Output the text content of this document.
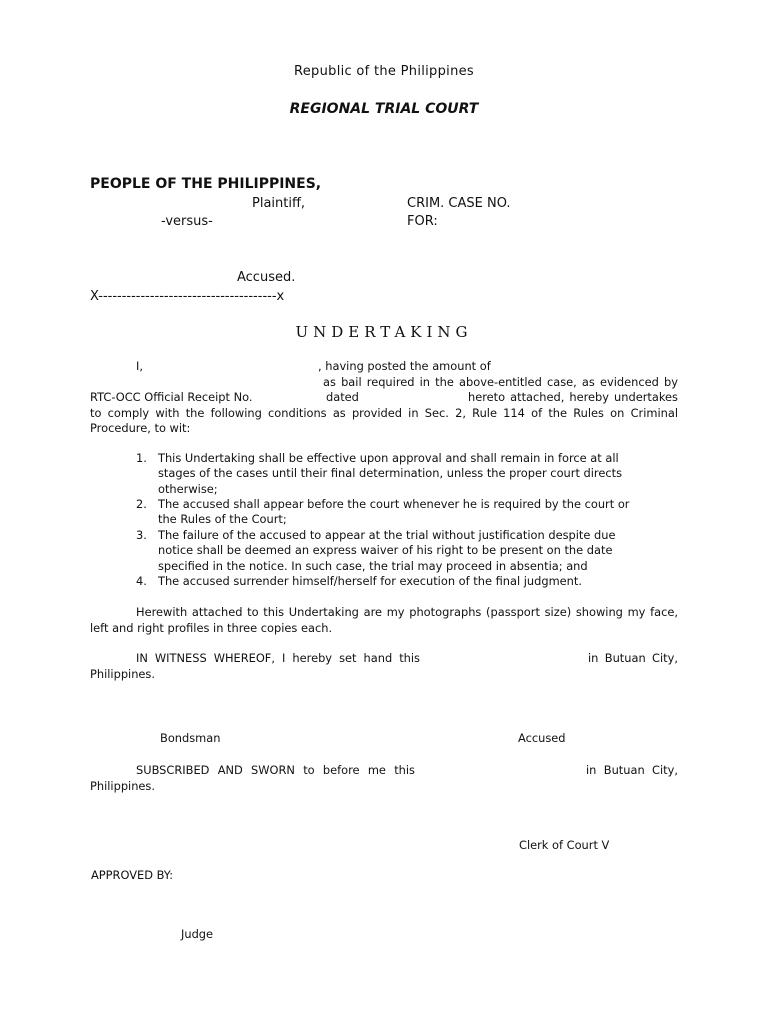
Republic of the Philippines
REGIONAL TRIAL COURT
PEOPLE OF THE PHILIPPINES,
Plaintiff,	CRIM. CASE NO.
-versus-	FOR:
Accused.
X--------------------------------------x
UNDERTAKING
I,	, having posted the amount of
as bail required in the above-entitled case, as evidenced by
RTC-OCC Official Receipt No.	dated	hereto attached, hereby undertakes
to comply with the following conditions as provided in Sec. 2, Rule 114 of the Rules on Criminal
Procedure, to wit:
1. This Undertaking shall be effective upon approval and shall remain in force at all stages of the cases until their final determination, unless the proper court directs otherwise;
2. The accused shall appear before the court whenever he is required by the court or the Rules of the Court;
3. The failure of the accused to appear at the trial without justification despite due notice shall be deemed an express waiver of his right to be present on the date specified in the notice. In such case, the trial may proceed in absentia; and
4. The accused surrender himself/herself for execution of the final judgment.
Herewith attached to this Undertaking are my photographs (passport size) showing my face,
left and right profiles in three copies each.
IN WITNESS WHEREOF, I hereby set hand this	in Butuan City,
Philippines.
Bondsman	Accused
SUBSCRIBED AND SWORN to before me this	in Butuan City,
Philippines.
Clerk of Court V
APPROVED BY:
Judge
